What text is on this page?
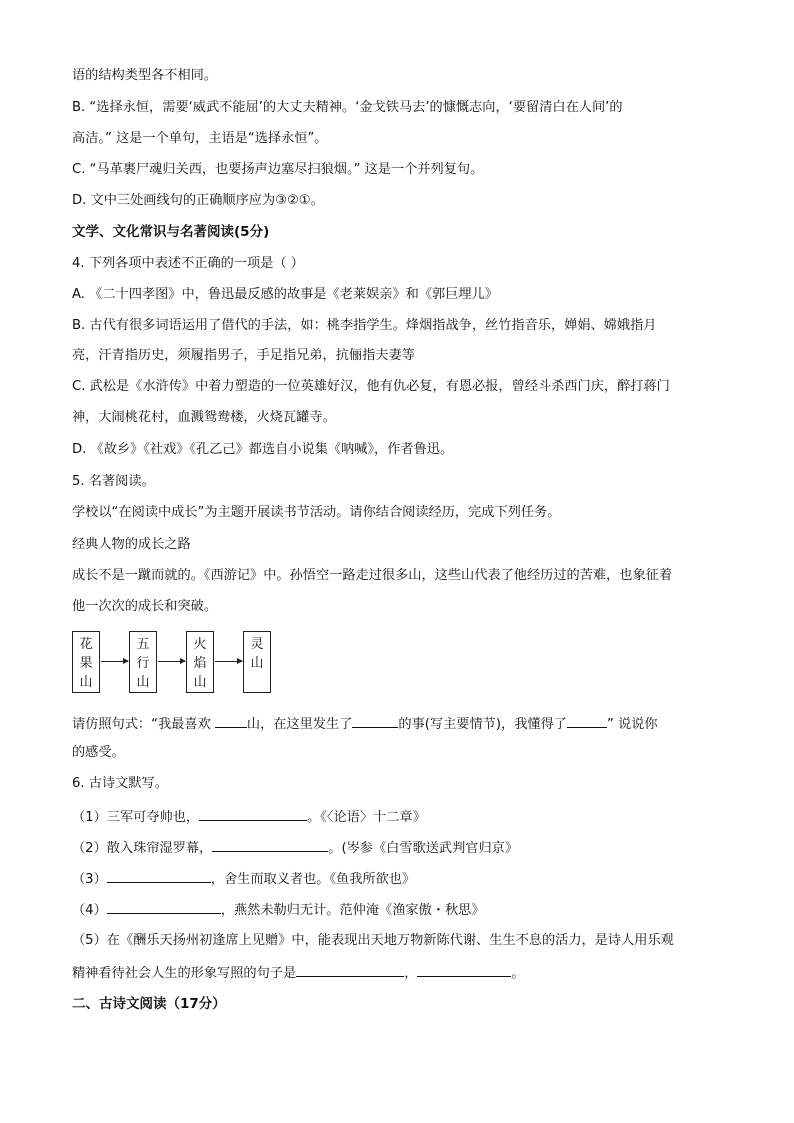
语的结构类型各不相同。
B. “选择永恒，需要‘威武不能屈’的大丈夫精神。‘金戈铁马去’的慷慨志向，‘要留清白在人间’的
高洁。” 这是一个单句，主语是“选择永恒”。
C. “马革裹尸魂归关西，也要扬声边塞尽扫狼烟。” 这是一个并列复句。
D. 文中三处画线句的正确顺序应为③②①。
文学、文化常识与名著阅读(5分)
4. 下列各项中表述不正确的一项是（ ）
A. 《二十四孝图》中，鲁迅最反感的故事是《老莱娱亲》和《郭巨埋儿》
B. 古代有很多词语运用了借代的手法，如：桃李指学生。烽烟指战争，丝竹指音乐，婵娟、嫦娥指月
亮，汗青指历史，须履指男子，手足指兄弟，抗俪指夫妻等
C. 武松是《水浒传》中着力塑造的一位英雄好汉，他有仇必复，有恩必报，曾经斗杀西门庆，醉打蒋门
神，大闹桃花村，血溅鸳鸯楼，火烧瓦罐寺。
D. 《故乡》《社戏》《孔乙己》都选自小说集《呐喊》，作者鲁迅。
5. 名著阅读。
学校以“在阅读中成长”为主题开展读书节活动。请你结合阅读经历，完成下列任务。
经典人物的成长之路
成长不是一蹴而就的。《西游记》中。孙悟空一路走过很多山，这些山代表了他经历过的苦难，也象征着
他一次次的成长和突破。
花
果
山
五
行
山
火
焰
山
灵
山
请仿照句式：“我最喜欢 山，在这里发生了	的事(写主要情节)，我懂得了	” 说说你
的感受。
6. 古诗文默写。
（1）三军可夺帅也，	。《〈论语〉十二章》
（2）散入珠帘湿罗幕，	。(岑参《白雪歌送武判官归京》
（3）	，舍生而取义者也。《鱼我所欲也》
（4）	，燕然未勒归无计。范仲淹《渔家傲・秋思》
（5）在《酬乐天扬州初逢席上见赠》中，能表现出天地万物新陈代谢、生生不息的活力，是诗人用乐观
精神看待社会人生的形象写照的句子是	，	。
二、古诗文阅读（17分）
